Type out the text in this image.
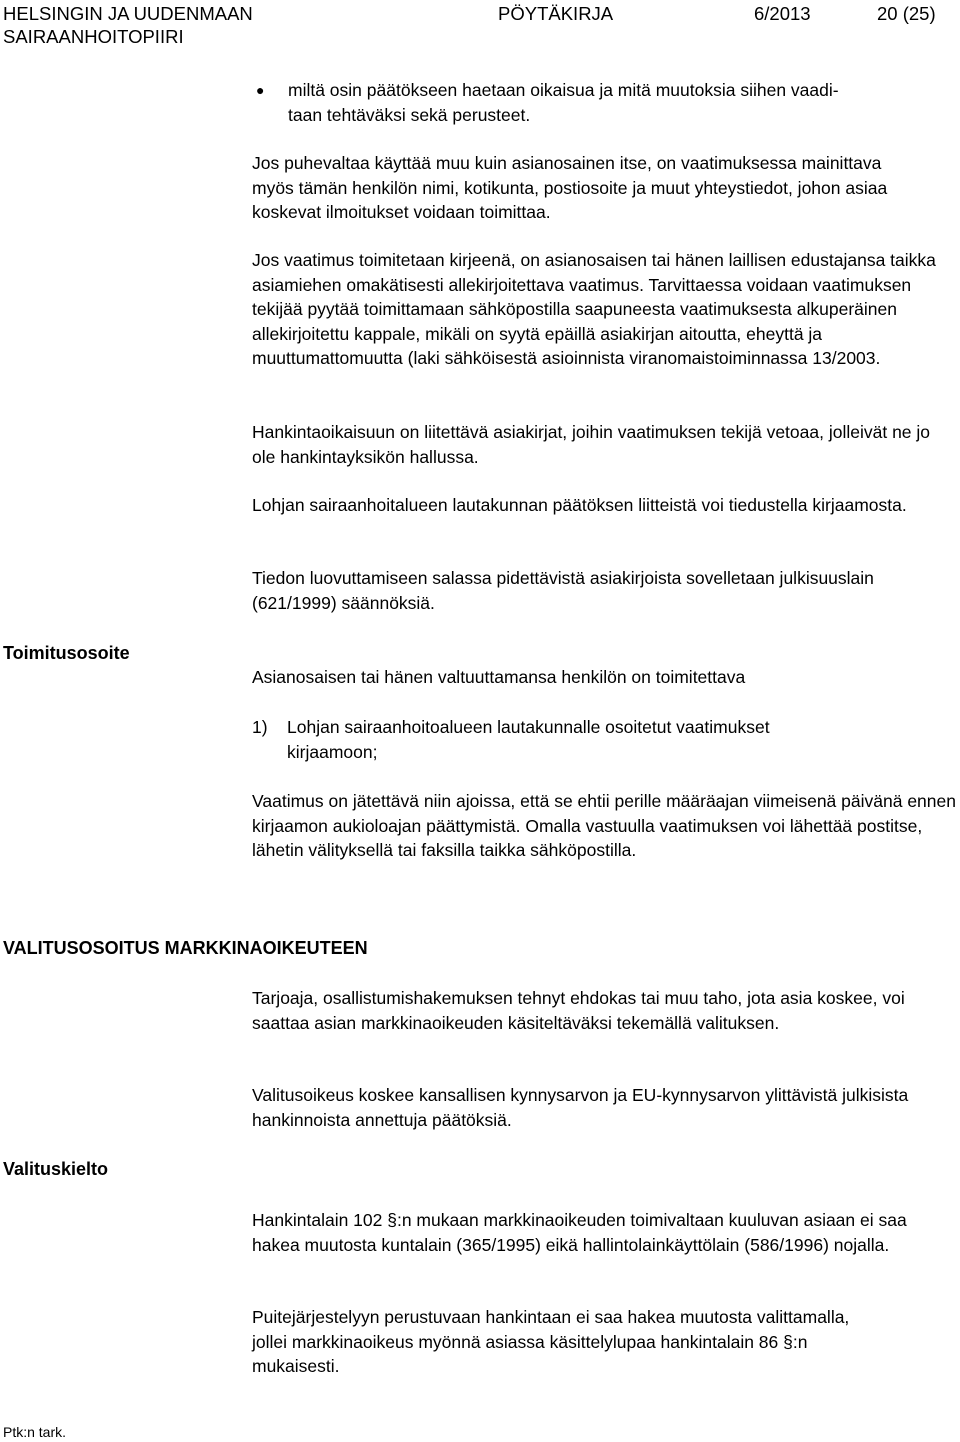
HELSINGIN JA UUDENMAAN
SAIRAANHOITOPIIRI
PÖYTÄKIRJA	6/2013	20 (25)
● miltä osin päätökseen haetaan oikaisua ja mitä muutoksia siihen vaadi-
taan tehtäväksi sekä perusteet.

Jos puhevaltaa käyttää muu kuin asianosainen itse, on vaatimuksessa mainittava myös tämän henkilön nimi, kotikunta, postiosoite ja muut yhteystiedot, johon asiaa koskevat ilmoitukset voidaan toimittaa.

Jos vaatimus toimitetaan kirjeenä, on asianosaisen tai hänen laillisen edustajansa taikka asiamiehen omakätisesti allekirjoitettava vaatimus. Tarvittaessa voidaan vaatimuksen tekijää pyytää toimittamaan sähköpostilla saapuneesta vaatimuksesta alkuperäinen allekirjoitettu kappale, mikäli on syytä epäillä asiakirjan aitoutta, eheyttä ja muuttumattomuutta (laki sähköisestä asioinnista viranomaistoiminnassa 13/2003.

Hankintaoikaisuun on liitettävä asiakirjat, joihin vaatimuksen tekijä vetoaa, jolleivät ne jo ole hankintayksikön hallussa.

Lohjan sairaanhoitalueen lautakunnan päätöksen liitteistä voi tiedustella kirjaamosta.

Tiedon luovuttamiseen salassa pidettävistä asiakirjoista sovelletaan julkisuuslain (621/1999) säännöksiä.

Toimitusosoite

Asianosaisen tai hänen valtuuttamansa henkilön on toimitettava

1) Lohjan sairaanhoitoalueen lautakunnalle osoitetut vaatimukset
kirjaamoon;

Vaatimus on jätettävä niin ajoissa, että se ehtii perille määräajan viimeisenä päivänä ennen kirjaamon aukioloajan päättymistä. Omalla vastuulla vaatimuksen voi lähettää postitse, lähetin välityksellä tai faksilla taikka sähköpostilla.

VALITUSOSOITUS MARKKINAOIKEUTEEN

Tarjoaja, osallistumishakemuksen tehnyt ehdokas tai muu taho, jota asia koskee, voi saattaa asian markkinaoikeuden käsiteltäväksi tekemällä valituksen.

Valitusoikeus koskee kansallisen kynnysarvon ja EU-kynnysarvon ylittävistä julkisista hankinnoista annettuja päätöksiä.

Valituskielto

Hankintalain 102 §:n mukaan markkinaoikeuden toimivaltaan kuuluvan asiaan ei saa hakea muutosta kuntalain (365/1995) eikä hallintolainkäyttölain (586/1996) nojalla.

Puitejärjestelyyn perustuvaan hankintaan ei saa hakea muutosta valittamalla, jollei markkinaoikeus myönnä asiassa käsittelylupaa hankintalain 86 §:n mukaisesti.

Ptk:n tark.
